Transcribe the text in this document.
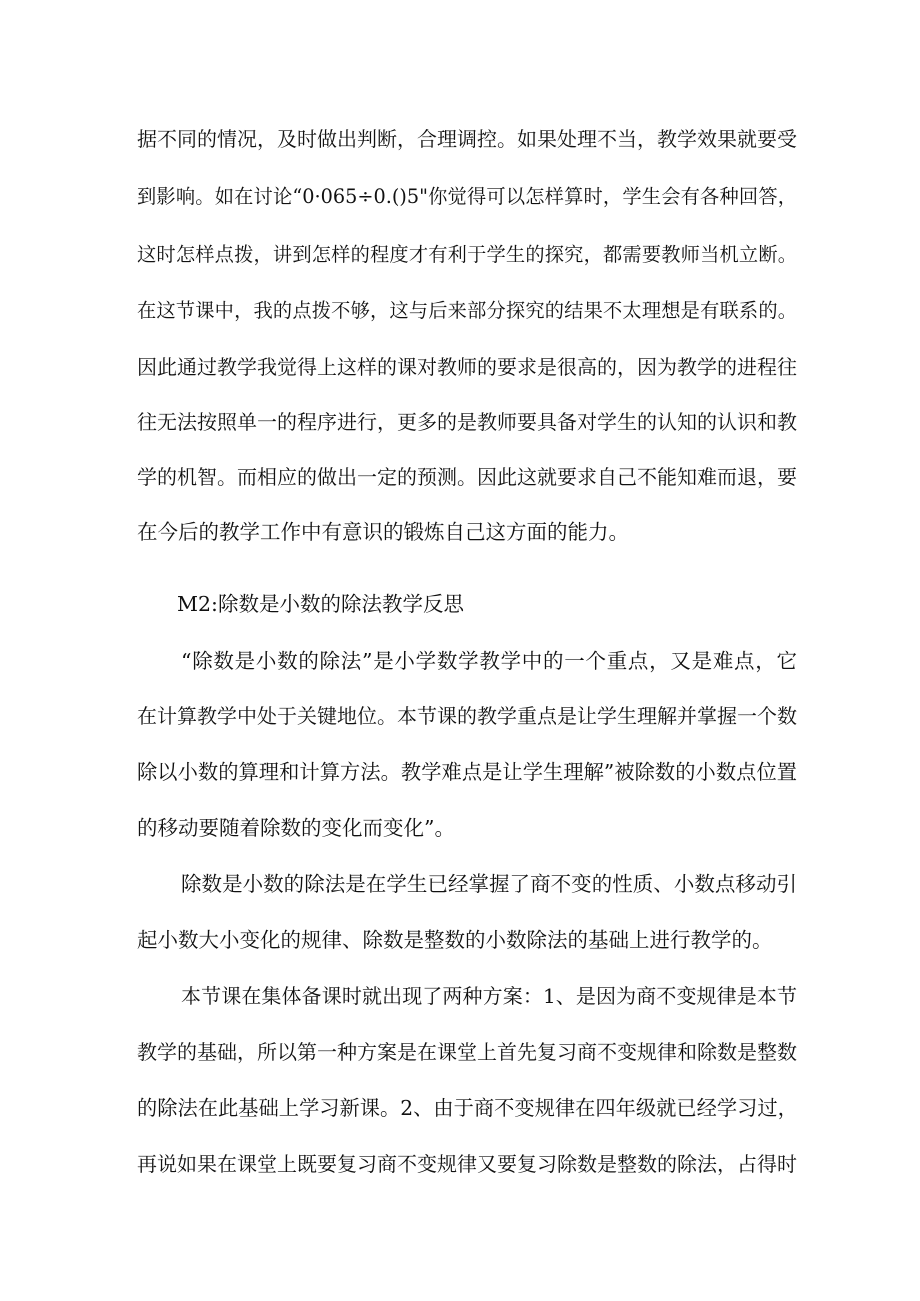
据不同的情况，及时做出判断，合理调控。如果处理不当，教学效果就要受
到影响。如在讨论“0·065÷0.()5"你觉得可以怎样算时，学生会有各种回答，
这时怎样点拨，讲到怎样的程度才有利于学生的探究，都需要教师当机立断。
在这节课中，我的点拨不够，这与后来部分探究的结果不太理想是有联系的。
因此通过教学我觉得上这样的课对教师的要求是很高的，因为教学的进程往
往无法按照单一的程序进行，更多的是教师要具备对学生的认知的认识和教
学的机智。而相应的做出一定的预测。因此这就要求自己不能知难而退，要
在今后的教学工作中有意识的锻炼自己这方面的能力。
M2:除数是小数的除法教学反思
“除数是小数的除法”是小学数学教学中的一个重点，又是难点，它
在计算教学中处于关键地位。本节课的教学重点是让学生理解并掌握一个数
除以小数的算理和计算方法。教学难点是让学生理解”被除数的小数点位置
的移动要随着除数的变化而变化”。
除数是小数的除法是在学生已经掌握了商不变的性质、小数点移动引
起小数大小变化的规律、除数是整数的小数除法的基础上进行教学的。
本节课在集体备课时就出现了两种方案：1、是因为商不变规律是本节
教学的基础，所以第一种方案是在课堂上首先复习商不变规律和除数是整数
的除法在此基础上学习新课。2、由于商不变规律在四年级就已经学习过，
再说如果在课堂上既要复习商不变规律又要复习除数是整数的除法，占得时
